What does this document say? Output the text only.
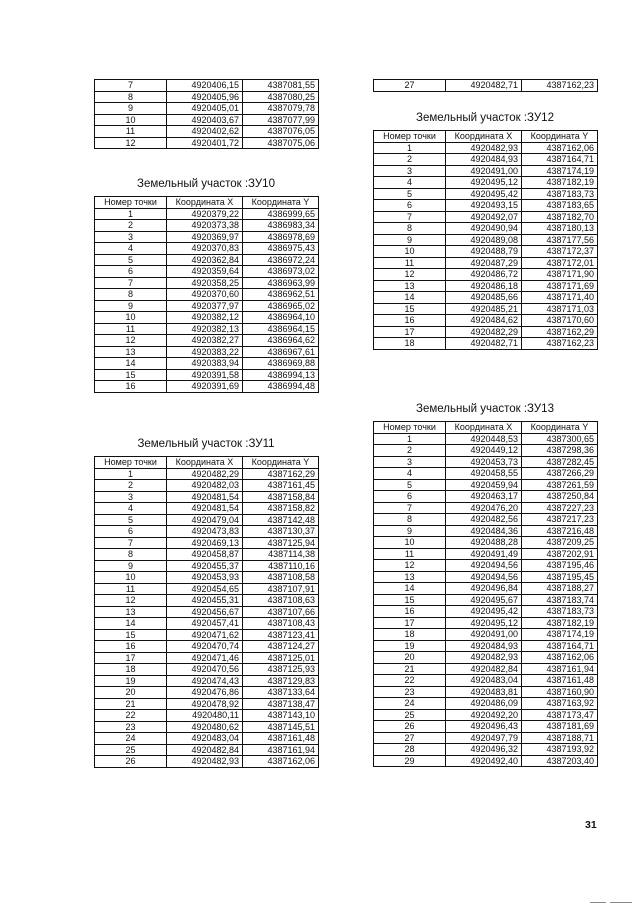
7	4920406,15	4387081,55
8	4920405,96	4387080,25
9	4920405,01	4387079,78
10	4920403,67	4387077,99
11	4920402,62	4387076,05
12	4920401,72	4387075,06
Земельный участок :ЗУ10
Номер точки	Координата X	Координата Y
1	4920379,22	4386999,65
2	4920373,38	4386983,34
3	4920369,97	4386978,69
4	4920370,83	4386975,43
5	4920362,84	4386972,24
6	4920359,64	4386973,02
7	4920358,25	4386963,99
8	4920370,60	4386962,51
9	4920377,97	4386965,02
10	4920382,12	4386964,10
11	4920382,13	4386964,15
12	4920382,27	4386964,62
13	4920383,22	4386967,61
14	4920383,94	4386969,88
15	4920391,58	4386994,13
16	4920391,69	4386994,48
Земельный участок :ЗУ11
Номер точки	Координата X	Координата Y
1	4920482,29	4387162,29
2	4920482,03	4387161,45
3	4920481,54	4387158,84
4	4920481,54	4387158,82
5	4920479,04	4387142,48
6	4920473,83	4387130,37
7	4920469,13	4387125,94
8	4920458,87	4387114,38
9	4920455,37	4387110,16
10	4920453,93	4387108,58
11	4920454,65	4387107,91
12	4920455,31	4387108,63
13	4920456,67	4387107,66
14	4920457,41	4387108,43
15	4920471,62	4387123,41
16	4920470,74	4387124,27
17	4920471,46	4387125,01
18	4920470,56	4387125,93
19	4920474,43	4387129,83
20	4920476,86	4387133,64
21	4920478,92	4387138,47
22	4920480,11	4387143,10
23	4920480,62	4387145,51
24	4920483,04	4387161,48
25	4920482,84	4387161,94
26	4920482,93	4387162,06
27	4920482,71	4387162,23
Земельный участок :ЗУ12
Номер точки	Координата X	Координата Y
1	4920482,93	4387162,06
2	4920484,93	4387164,71
3	4920491,00	4387174,19
4	4920495,12	4387182,19
5	4920495,42	4387183,73
6	4920493,15	4387183,65
7	4920492,07	4387182,70
8	4920490,94	4387180,13
9	4920489,08	4387177,56
10	4920488,79	4387172,37
11	4920487,29	4387172,01
12	4920486,72	4387171,90
13	4920486,18	4387171,69
14	4920485,66	4387171,40
15	4920485,21	4387171,03
16	4920484,62	4387170,60
17	4920482,29	4387162,29
18	4920482,71	4387162,23
Земельный участок :ЗУ13
Номер точки	Координата X	Координата Y
1	4920448,53	4387300,65
2	4920449,12	4387298,36
3	4920453,73	4387282,45
4	4920458,55	4387266,29
5	4920459,94	4387261,59
6	4920463,17	4387250,84
7	4920476,20	4387227,23
8	4920482,56	4387217,23
9	4920484,36	4387216,48
10	4920488,28	4387209,25
11	4920491,49	4387202,91
12	4920494,56	4387195,46
13	4920494,56	4387195,45
14	4920496,84	4387188,27
15	4920495,67	4387183,74
16	4920495,42	4387183,73
17	4920495,12	4387182,19
18	4920491,00	4387174,19
19	4920484,93	4387164,71
20	4920482,93	4387162,06
21	4920482,84	4387161,94
22	4920483,04	4387161,48
23	4920483,81	4387160,90
24	4920486,09	4387163,92
25	4920492,20	4387173,47
26	4920496,43	4387181,69
27	4920497,79	4387188,71
28	4920496,32	4387193,92
29	4920492,40	4387203,40
31
